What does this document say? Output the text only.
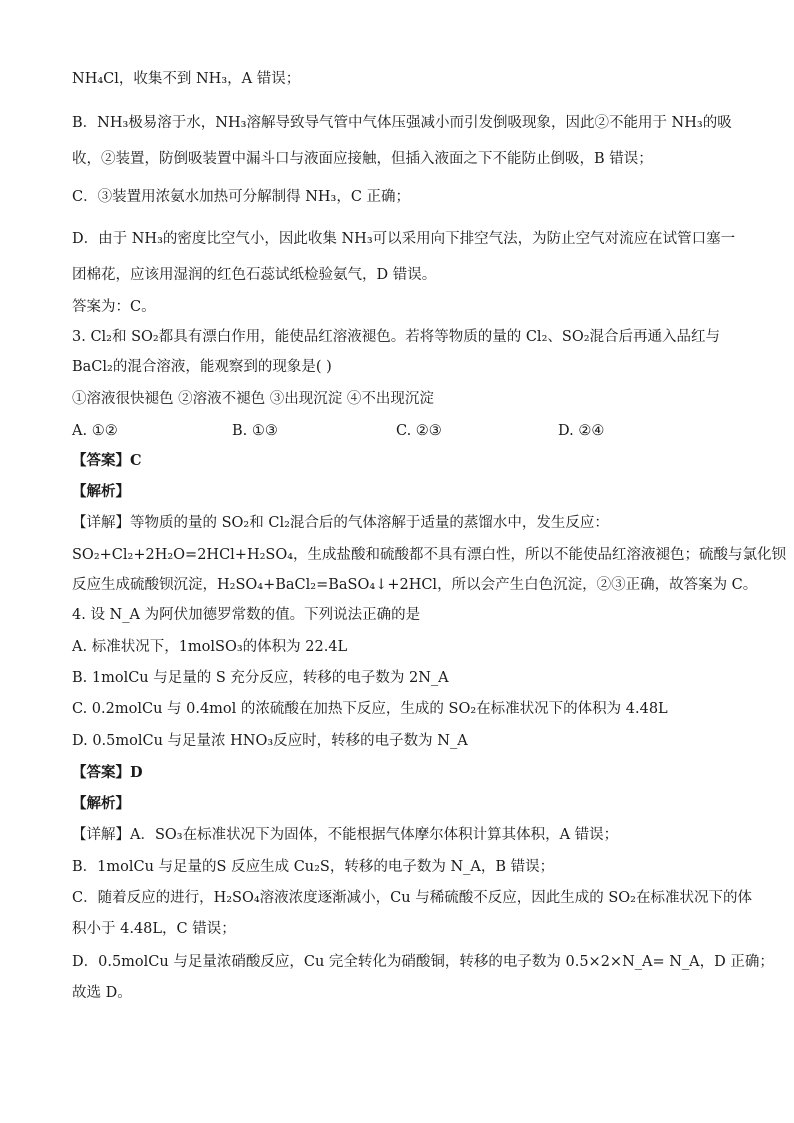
NH₄Cl，收集不到 NH₃，A 错误；
B．NH₃极易溶于水，NH₃溶解导致导气管中气体压强减小而引发倒吸现象，因此②不能用于 NH₃的吸
收，②装置，防倒吸装置中漏斗口与液面应接触，但插入液面之下不能防止倒吸，B 错误；
C．③装置用浓氨水加热可分解制得 NH₃，C 正确；
D．由于 NH₃的密度比空气小，因此收集 NH₃可以采用向下排空气法，为防止空气对流应在试管口塞一
团棉花，应该用湿润的红色石蕊试纸检验氨气，D 错误。
答案为：C。
3. Cl₂和 SO₂都具有漂白作用，能使品红溶液褪色。若将等物质的量的 Cl₂、SO₂混合后再通入品红与
BaCl₂的混合溶液，能观察到的现象是( )
①溶液很快褪色 ②溶液不褪色 ③出现沉淀 ④不出现沉淀
A. ①②	B. ①③	C. ②③	D. ②④
【答案】C
【解析】
【详解】等物质的量的 SO₂和 Cl₂混合后的气体溶解于适量的蒸馏水中，发生反应：
SO₂+Cl₂+2H₂O=2HCl+H₂SO₄，生成盐酸和硫酸都不具有漂白性，所以不能使品红溶液褪色；硫酸与氯化钡
反应生成硫酸钡沉淀，H₂SO₄+BaCl₂=BaSO₄↓+2HCl，所以会产生白色沉淀，②③正确，故答案为 C。
4. 设 N_A 为阿伏加德罗常数的值。下列说法正确的是
A. 标准状况下，1molSO₃的体积为 22.4L
B. 1molCu 与足量的 S 充分反应，转移的电子数为 2N_A
C. 0.2molCu 与 0.4mol 的浓硫酸在加热下反应，生成的 SO₂在标准状况下的体积为 4.48L
D. 0.5molCu 与足量浓 HNO₃反应时，转移的电子数为 N_A
【答案】D
【解析】
【详解】A．SO₃在标准状况下为固体，不能根据气体摩尔体积计算其体积，A 错误；
B．1molCu 与足量的S 反应生成 Cu₂S，转移的电子数为 N_A，B 错误；
C．随着反应的进行，H₂SO₄溶液浓度逐渐减小，Cu 与稀硫酸不反应，因此生成的 SO₂在标准状况下的体
积小于 4.48L，C 错误；
D．0.5molCu 与足量浓硝酸反应，Cu 完全转化为硝酸铜，转移的电子数为 0.5×2×N_A= N_A，D 正确；
故选 D。
